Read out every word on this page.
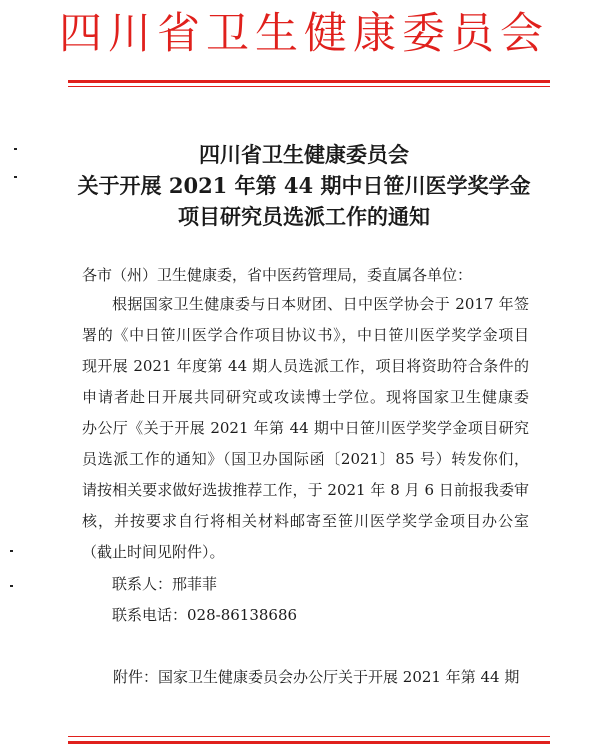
四川省卫生健康委员会
四川省卫生健康委员会
关于开展 2021 年第 44 期中日笹川医学奖学金
项目研究员选派工作的通知
各市（州）卫生健康委，省中医药管理局，委直属各单位：
根据国家卫生健康委与日本财团、日中医学协会于 2017 年签
署的《中日笹川医学合作项目协议书》，中日笹川医学奖学金项目
现开展 2021 年度第 44 期人员选派工作，项目将资助符合条件的
申请者赴日开展共同研究或攻读博士学位。现将国家卫生健康委
办公厅《关于开展 2021 年第 44 期中日笹川医学奖学金项目研究
员选派工作的通知》（国卫办国际函〔2021〕85 号）转发你们，
请按相关要求做好选拔推荐工作，于 2021 年 8 月 6 日前报我委审
核，并按要求自行将相关材料邮寄至笹川医学奖学金项目办公室
（截止时间见附件）。
联系人：邢菲菲
联系电话：028-86138686
附件：国家卫生健康委员会办公厅关于开展 2021 年第 44 期
